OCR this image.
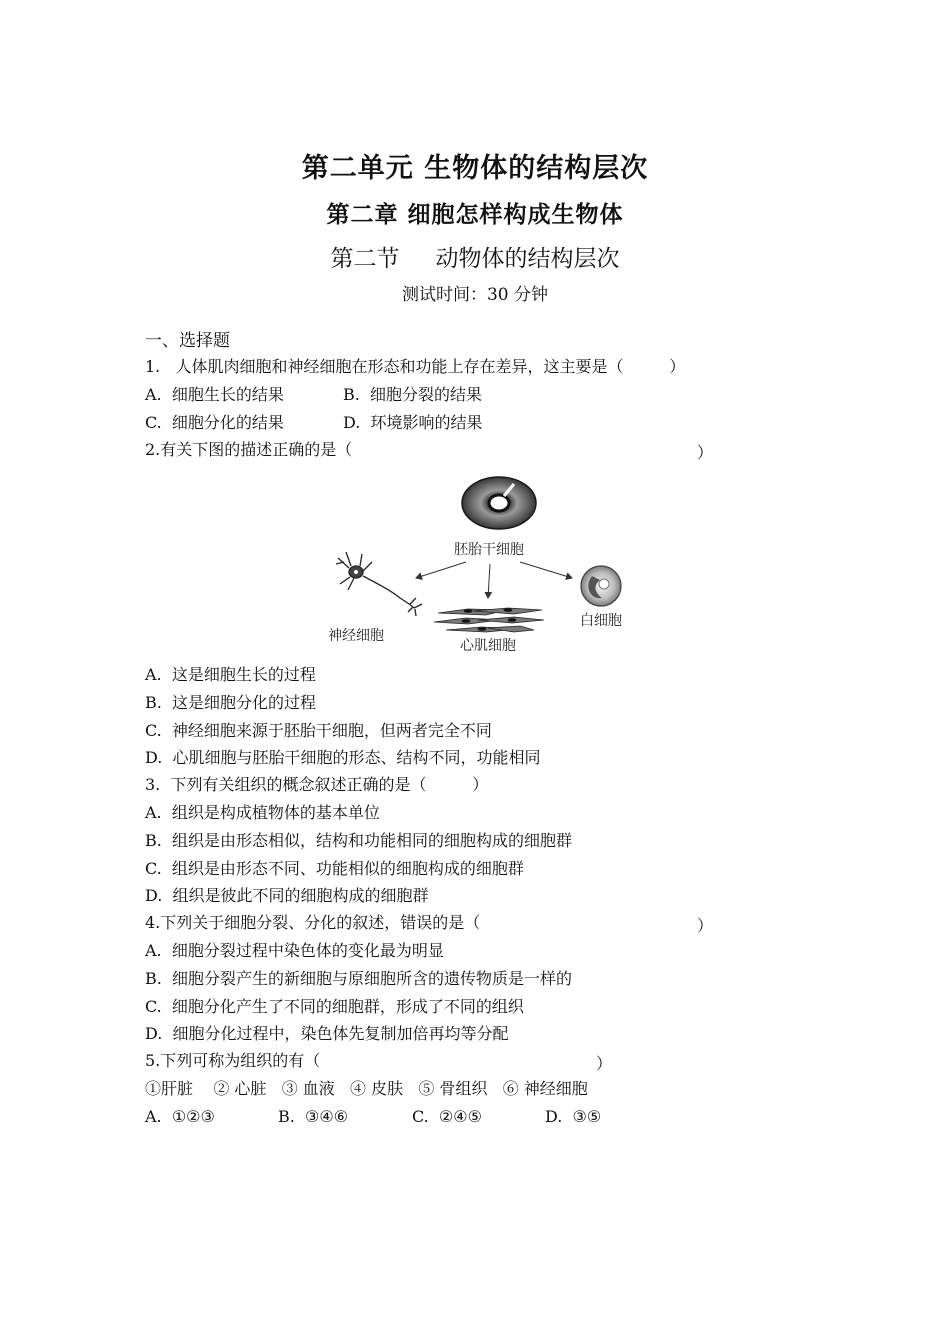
第二单元 生物体的结构层次
第二章 细胞怎样构成生物体
第二节 动物体的结构层次
测试时间：30 分钟
一、选择题
1.   人体肌肉细胞和神经细胞在形态和功能上存在差异，这主要是（         ）
A.  细胞生长的结果	B.  细胞分裂的结果
C.  细胞分化的结果	D.  环境影响的结果
2.有关下图的描述正确的是（	）
胚胎干细胞
神经细胞
心肌细胞
白细胞
A.  这是细胞生长的过程
B.  这是细胞分化的过程
C.  神经细胞来源于胚胎干细胞，但两者完全不同
D.  心肌细胞与胚胎干细胞的形态、结构不同，功能相同
3.  下列有关组织的概念叙述正确的是（         ）
A.  组织是构成植物体的基本单位
B.  组织是由形态相似，结构和功能相同的细胞构成的细胞群
C.  组织是由形态不同、功能相似的细胞构成的细胞群
D.  组织是彼此不同的细胞构成的细胞群
4.下列关于细胞分裂、分化的叙述，错误的是（	）
A.  细胞分裂过程中染色体的变化最为明显
B.  细胞分裂产生的新细胞与原细胞所含的遗传物质是一样的
C.  细胞分化产生了不同的细胞群，形成了不同的组织
D.  细胞分化过程中，染色体先复制加倍再均等分配
5.下列可称为组织的有（	）
①肝脏    ② 心脏   ③ 血液   ④ 皮肤   ⑤ 骨组织   ⑥ 神经细胞
A.  ①②③	B.  ③④⑥	C.  ②④⑤	D.  ③⑤
